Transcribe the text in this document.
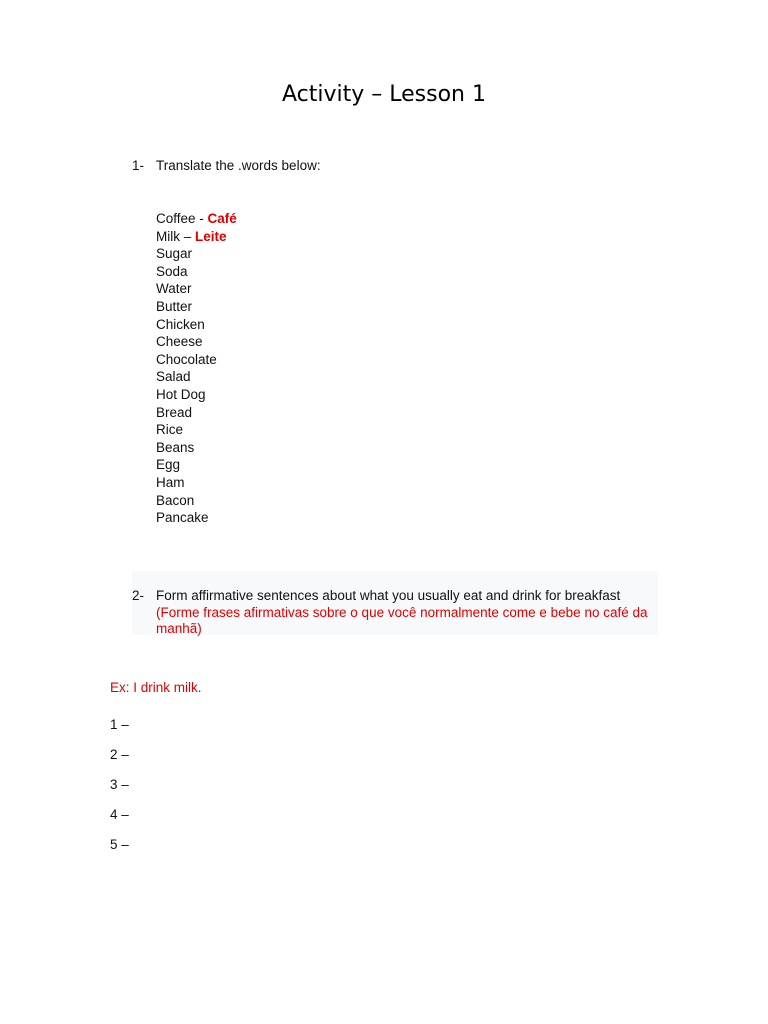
Activity – Lesson 1
1- Translate the .words below:
Coffee - Café
Milk – Leite
Sugar
Soda
Water
Butter
Chicken
Cheese
Chocolate
Salad
Hot Dog
Bread
Rice
Beans
Egg
Ham
Bacon
Pancake
2- Form affirmative sentences about what you usually eat and drink for breakfast
(Forme frases afirmativas sobre o que você normalmente come e bebe no café da manhã)
Ex: I drink milk.
1 –
2 –
3 –
4 –
5 –
